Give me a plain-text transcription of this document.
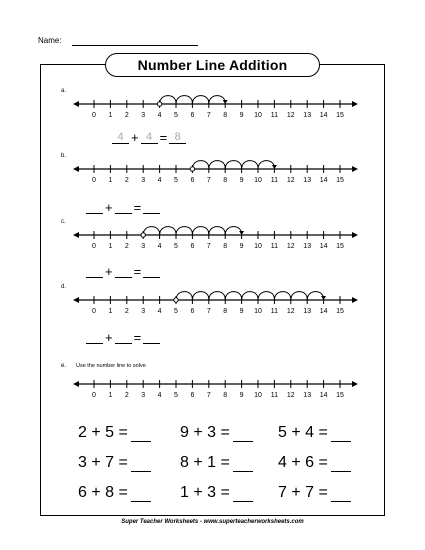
Name:
Number Line Addition
a.
0 1 2 3 4 5 6 7 8 9 10 11 12 13 14 15
4 + 4 = 8
b.
0 1 2 3 4 5 6 7 8 9 10 11 12 13 14 15
+ =
c.
0 1 2 3 4 5 6 7 8 9 10 11 12 13 14 15
+ =
d.
0 1 2 3 4 5 6 7 8 9 10 11 12 13 14 15
+ =
e. Use the number line to solve.
0 1 2 3 4 5 6 7 8 9 10 11 12 13 14 15
2 + 5 =	9 + 3 =	5 + 4 =
3 + 7 =	8 + 1 =	4 + 6 =
6 + 8 =	1 + 3 =	7 + 7 =
Super Teacher Worksheets - www.superteacherworksheets.com
